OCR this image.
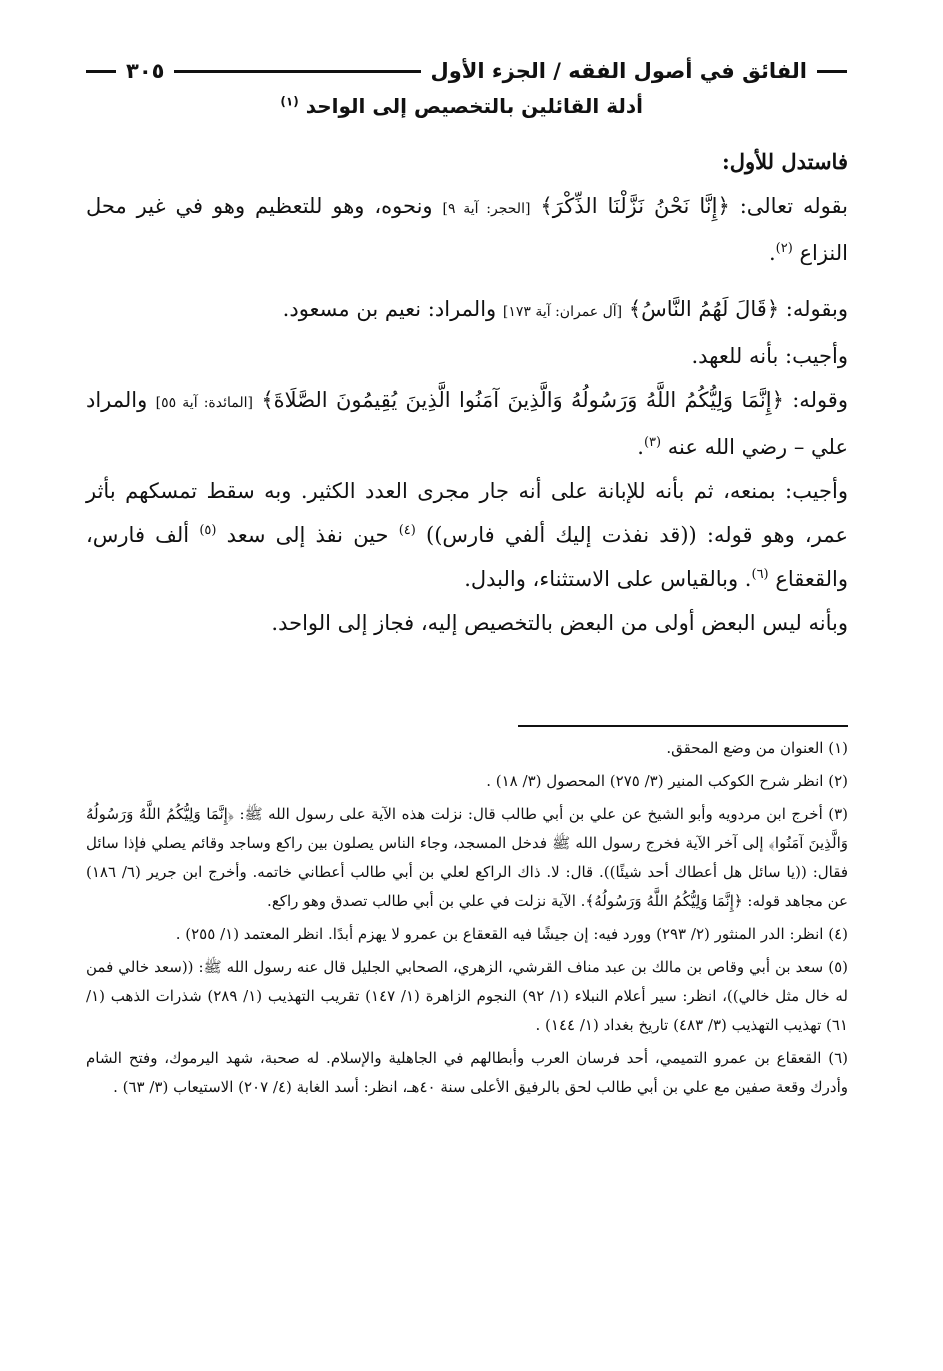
الفائق في أصول الفقه / الجزء الأول
٣٠٥
أدلة القائلين بالتخصيص إلى الواحد $^{(١)}$

فاستدل للأول:

بقوله تعالى: ﴿إِنَّا نَحْنُ نَزَّلْنَا الذِّكْرَ﴾ [الحجر: آية ٩] ونحوه، وهو للتعظيم وهو في غير محل النزاع $^{(٢)}$.

وبقوله: ﴿قَالَ لَهُمُ النَّاسُ﴾ [آل عمران: آية ١٧٣] والمراد: نعيم بن مسعود.

وأجيب: بأنه للعهد.

وقوله: ﴿إِنَّمَا وَلِيُّكُمُ اللَّهُ وَرَسُولُهُ وَالَّذِينَ آمَنُوا الَّذِينَ يُقِيمُونَ الصَّلَاةَ﴾ [المائدة: آية ٥٥] والمراد علي – رضي الله عنه $^{(٣)}$.

وأجيب: بمنعه، ثم بأنه للإبانة على أنه جار مجرى العدد الكثير. وبه سقط تمسكهم بأثر عمر، وهو قوله: ((قد نفذت إليك ألفي فارس)) $^{(٤)}$ حين نفذ إلى سعد $^{(٥)}$ ألف فارس، والقعقاع $^{(٦)}$. وبالقياس على الاستثناء، والبدل.

وبأنه ليس البعض أولى من البعض بالتخصيص إليه، فجاز إلى الواحد.

(١) العنوان من وضع المحقق.

(٢) انظر شرح الكوكب المنير (٣/ ٢٧٥) المحصول (٣/ ١٨) .

(٣) أخرج ابن مردويه وأبو الشيخ عن علي بن أبي طالب قال: نزلت هذه الآية على رسول الله ﷺ: ﴿إِنَّمَا وَلِيُّكُمُ اللَّهُ وَرَسُولُهُ وَالَّذِينَ آمَنُوا﴾ إلى آخر الآية فخرج رسول الله ﷺ فدخل المسجد، وجاء الناس يصلون بين راكع وساجد وقائم يصلي فإذا سائل فقال: ((يا سائل هل أعطاك أحد شيئًا)). قال: لا. ذاك الراكع لعلي بن أبي طالب أعطاني خاتمه. وأخرج ابن جرير (٦/ ١٨٦) عن مجاهد قوله: ﴿إِنَّمَا وَلِيُّكُمُ اللَّهُ وَرَسُولُهُ﴾. الآية نزلت في علي بن أبي طالب تصدق وهو راكع.

(٤) انظر: الدر المنثور (٢/ ٢٩٣) وورد فيه: إن جيشًا فيه القعقاع بن عمرو لا يهزم أبدًا. انظر المعتمد (١/ ٢٥٥) .

(٥) سعد بن أبي وقاص بن مالك بن عبد مناف القرشي، الزهري، الصحابي الجليل قال عنه رسول الله ﷺ: ((سعد خالي فمن له خال مثل خالي))، انظر: سير أعلام النبلاء (١/ ٩٢) النجوم الزاهرة (١/ ١٤٧) تقريب التهذيب (١/ ٢٨٩) شذرات الذهب (١/ ٦١) تهذيب التهذيب (٣/ ٤٨٣) تاريخ بغداد (١/ ١٤٤) .

(٦) القعقاع بن عمرو التميمي، أحد فرسان العرب وأبطالهم في الجاهلية والإسلام. له صحبة، شهد اليرموك، وفتح الشام وأدرك وقعة صفين مع علي بن أبي طالب لحق بالرفيق الأعلى سنة ٤٠هـ، انظر: أسد الغابة (٤/ ٢٠٧) الاستيعاب (٣/ ٦٣) .
